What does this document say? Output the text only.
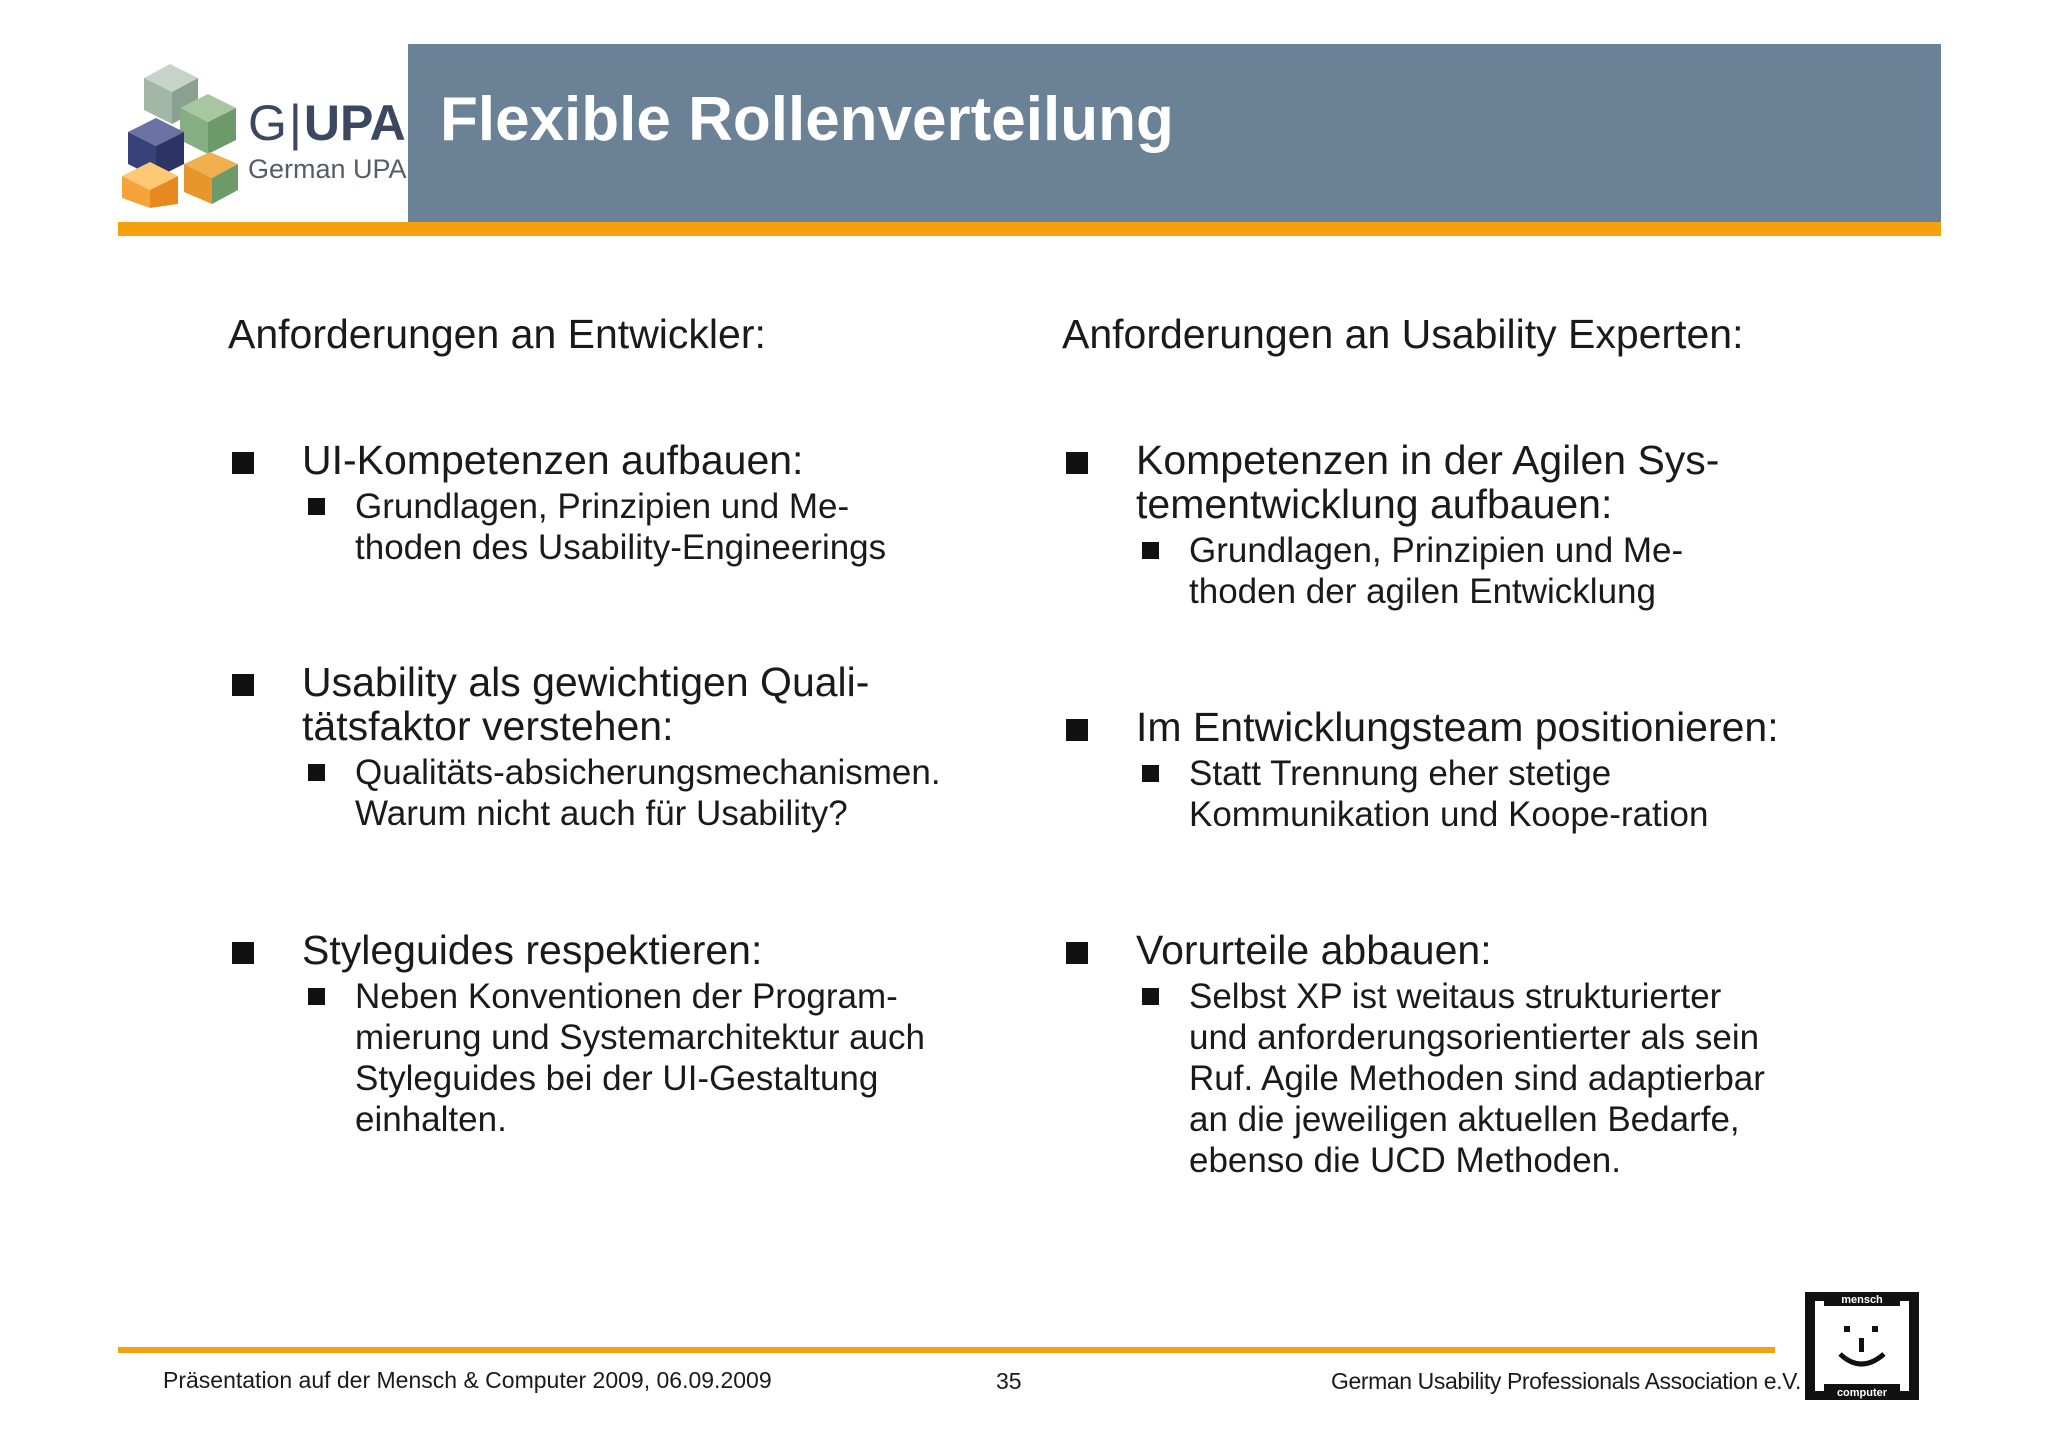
G|UPA
German UPA
Flexible Rollenverteilung
Anforderungen an Entwickler:
UI-Kompetenzen aufbauen:
Grundlagen, Prinzipien und Me-
thoden des Usability-Engineerings
Usability als gewichtigen Quali-
tätsfaktor verstehen:
Qualitäts-absicherungsmechanismen.
Warum nicht auch für Usability?
Styleguides respektieren:
Neben Konventionen der Program-
mierung und Systemarchitektur auch
Styleguides bei der UI-Gestaltung
einhalten.
Anforderungen an Usability Experten:
Kompetenzen in der Agilen Sys-
tementwicklung aufbauen:
Grundlagen, Prinzipien und Me-
thoden der agilen Entwicklung
Im Entwicklungsteam positionieren:
Statt Trennung eher stetige
Kommunikation und Koope-ration
Vorurteile abbauen:
Selbst XP ist weitaus strukturierter
und anforderungsorientierter als sein
Ruf. Agile Methoden sind adaptierbar
an die jeweiligen aktuellen Bedarfe,
ebenso die UCD Methoden.
Präsentation auf der Mensch & Computer 2009, 06.09.2009	35	German Usability Professionals Association e.V.
mensch
computer
